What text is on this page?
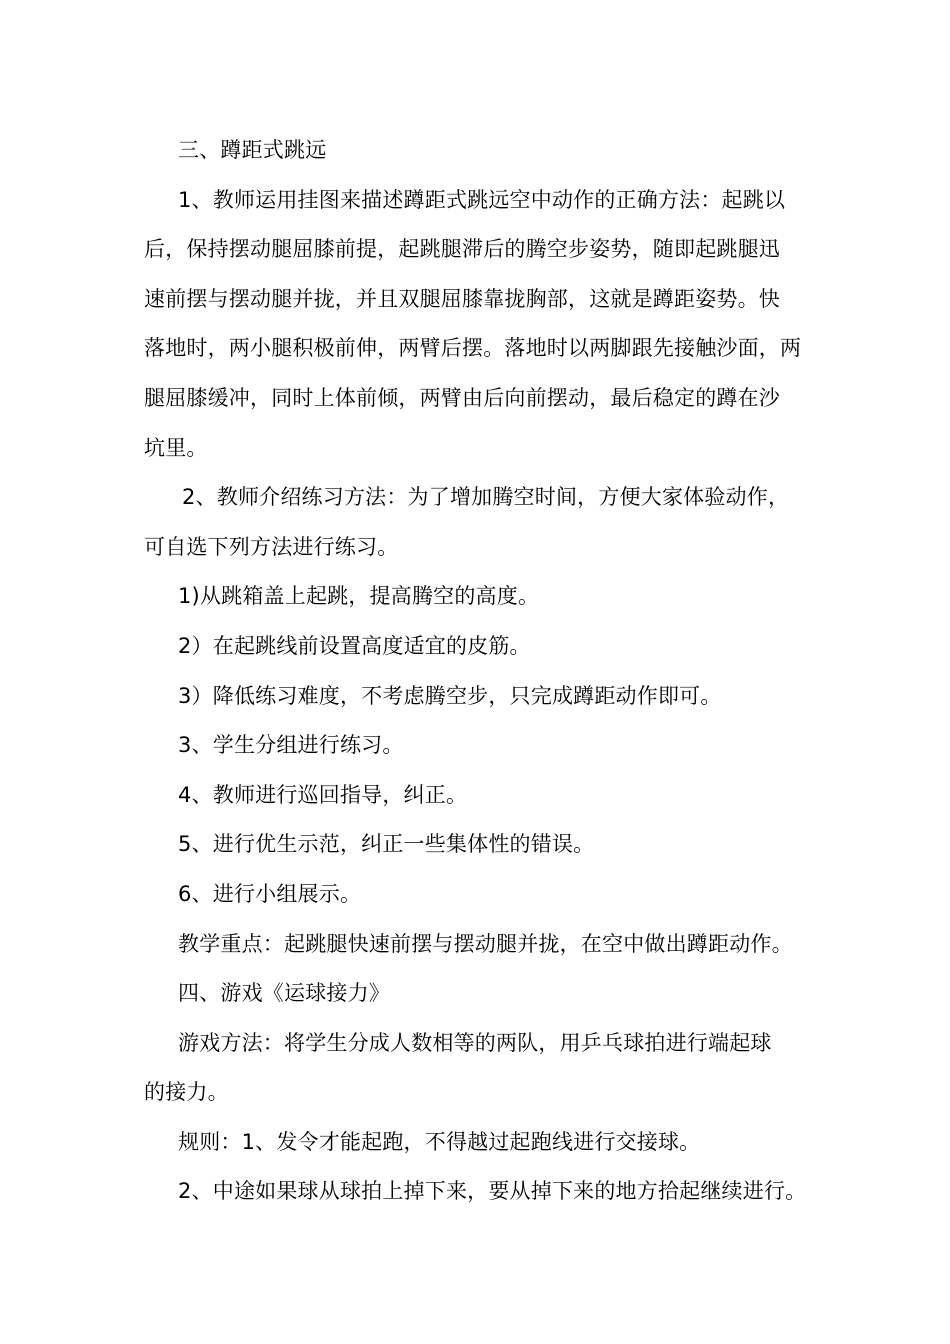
三、蹲距式跳远
1、教师运用挂图来描述蹲距式跳远空中动作的正确方法：起跳以
后，保持摆动腿屈膝前提，起跳腿滞后的腾空步姿势，随即起跳腿迅
速前摆与摆动腿并拢，并且双腿屈膝靠拢胸部，这就是蹲距姿势。快
落地时，两小腿积极前伸，两臂后摆。落地时以两脚跟先接触沙面，两
腿屈膝缓冲，同时上体前倾，两臂由后向前摆动，最后稳定的蹲在沙
坑里。
2、教师介绍练习方法：为了增加腾空时间，方便大家体验动作，
可自选下列方法进行练习。
1)从跳箱盖上起跳，提高腾空的高度。
2）在起跳线前设置高度适宜的皮筋。
3）降低练习难度，不考虑腾空步，只完成蹲距动作即可。
3、学生分组进行练习。
4、教师进行巡回指导，纠正。
5、进行优生示范，纠正一些集体性的错误。
6、进行小组展示。
教学重点：起跳腿快速前摆与摆动腿并拢，在空中做出蹲距动作。
四、游戏《运球接力》
游戏方法：将学生分成人数相等的两队，用乒乓球拍进行端起球
的接力。
规则：1、发令才能起跑，不得越过起跑线进行交接球。
2、中途如果球从球拍上掉下来，要从掉下来的地方拾起继续进行。
